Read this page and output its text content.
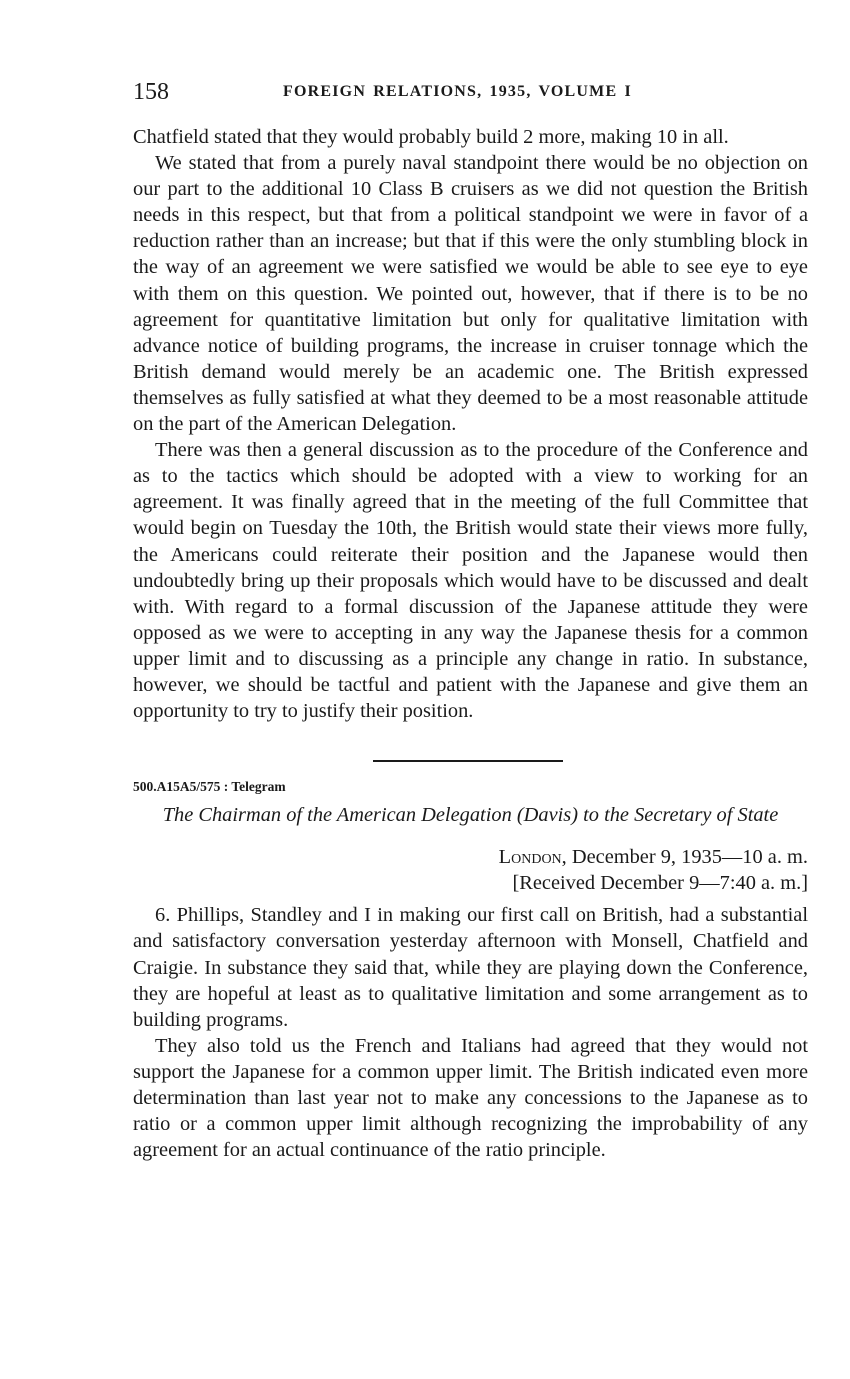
158	FOREIGN RELATIONS, 1935, VOLUME I

Chatfield stated that they would probably build 2 more, making 10 in all.

We stated that from a purely naval standpoint there would be no objection on our part to the additional 10 Class B cruisers as we did not question the British needs in this respect, but that from a political standpoint we were in favor of a reduction rather than an increase; but that if this were the only stumbling block in the way of an agreement we were satisfied we would be able to see eye to eye with them on this question. We pointed out, however, that if there is to be no agreement for quantitative limitation but only for qualitative limitation with advance notice of building programs, the increase in cruiser tonnage which the British demand would merely be an academic one. The British expressed themselves as fully satisfied at what they deemed to be a most reasonable attitude on the part of the American Delegation.

There was then a general discussion as to the procedure of the Conference and as to the tactics which should be adopted with a view to working for an agreement. It was finally agreed that in the meeting of the full Committee that would begin on Tuesday the 10th, the British would state their views more fully, the Americans could reiterate their position and the Japanese would then undoubtedly bring up their proposals which would have to be discussed and dealt with. With regard to a formal discussion of the Japanese attitude they were opposed as we were to accepting in any way the Japanese thesis for a common upper limit and to discussing as a principle any change in ratio. In substance, however, we should be tactful and patient with the Japanese and give them an opportunity to try to justify their position.

500.A15A5/575 : Telegram
The Chairman of the American Delegation (Davis) to the Secretary of State
London, December 9, 1935—10 a. m.
[Received December 9—7:40 a. m.]

6. Phillips, Standley and I in making our first call on British, had a substantial and satisfactory conversation yesterday afternoon with Monsell, Chatfield and Craigie. In substance they said that, while they are playing down the Conference, they are hopeful at least as to qualitative limitation and some arrangement as to building programs.

They also told us the French and Italians had agreed that they would not support the Japanese for a common upper limit. The British indicated even more determination than last year not to make any concessions to the Japanese as to ratio or a common upper limit although recognizing the improbability of any agreement for an actual continuance of the ratio principle.
